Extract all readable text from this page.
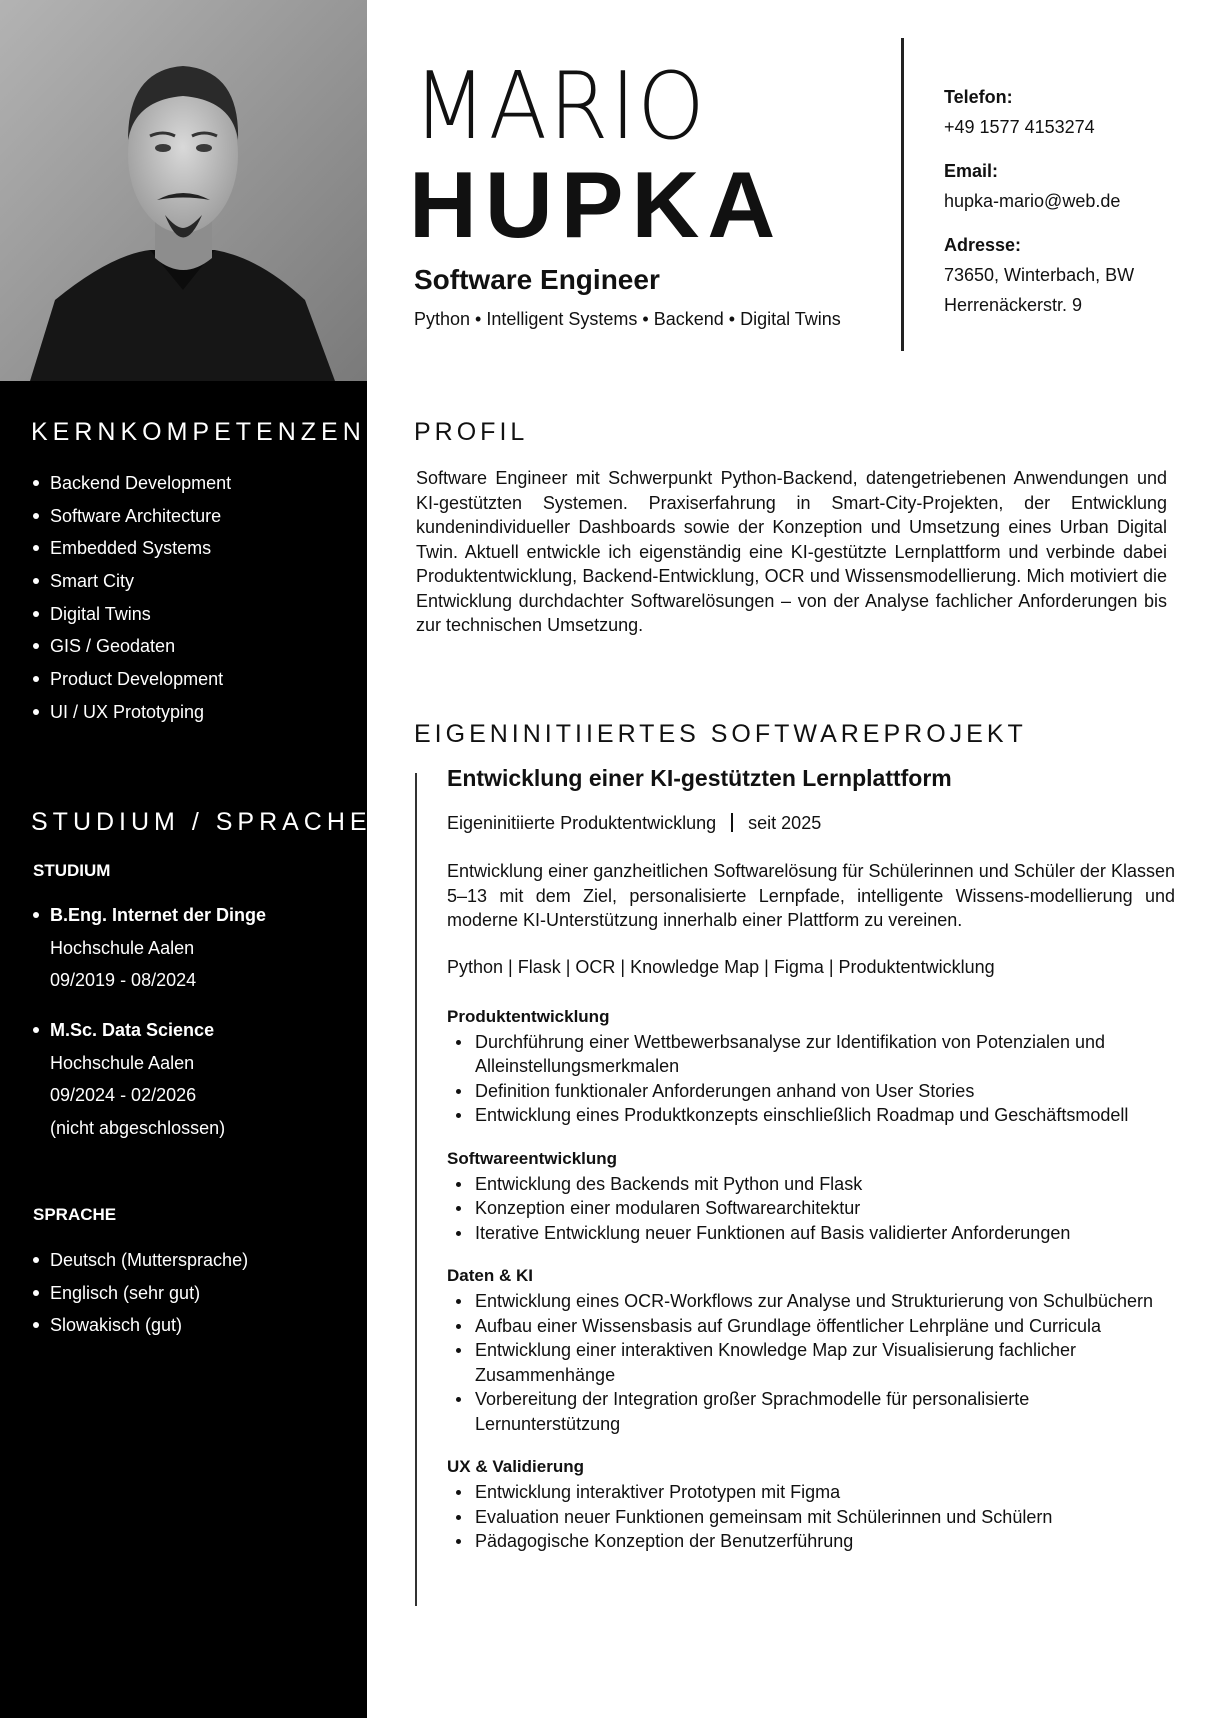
KERNKOMPETENZEN
Backend Development
Software Architecture
Embedded Systems
Smart City
Digital Twins
GIS / Geodaten
Product Development
UI / UX Prototyping
STUDIUM / SPRACHE
STUDIUM
B.Eng. Internet der Dinge
Hochschule Aalen
09/2019 - 08/2024
M.Sc. Data Science
Hochschule Aalen
09/2024 - 02/2026
(nicht abgeschlossen)
SPRACHE
Deutsch (Muttersprache)
Englisch (sehr gut)
Slowakisch (gut)
MARIO
HUPKA
Software Engineer
Python • Intelligent Systems • Backend • Digital Twins
Telefon:
+49 1577 4153274
Email:
hupka-mario@web.de
Adresse:
73650, Winterbach, BW
Herrenäckerstr. 9
PROFIL
Software Engineer mit Schwerpunkt Python-Backend, datengetriebenen Anwendungen und KI-gestützten Systemen. Praxiserfahrung in Smart-City-Projekten, der Entwicklung kundenindividueller Dashboards sowie der Konzeption und Umsetzung eines Urban Digital Twin. Aktuell entwickle ich eigenständig eine KI-gestützte Lernplattform und verbinde dabei Produktentwicklung, Backend-Entwicklung, OCR und Wissensmodellierung. Mich motiviert die Entwicklung durchdachter Softwarelösungen – von der Analyse fachlicher Anforderungen bis zur technischen Umsetzung.
EIGENINITIIERTES SOFTWAREPROJEKT
Entwicklung einer KI-gestützten Lernplattform
Eigeninitiierte Produktentwicklung seit 2025
Entwicklung einer ganzheitlichen Softwarelösung für Schülerinnen und Schüler der Klassen 5–13 mit dem Ziel, personalisierte Lernpfade, intelligente Wissens-modellierung und moderne KI-Unterstützung innerhalb einer Plattform zu vereinen.
Python | Flask | OCR | Knowledge Map | Figma | Produktentwicklung
Produktentwicklung
Durchführung einer Wettbewerbsanalyse zur Identifikation von Potenzialen und Alleinstellungsmerkmalen
Definition funktionaler Anforderungen anhand von User Stories
Entwicklung eines Produktkonzepts einschließlich Roadmap und Geschäftsmodell
Softwareentwicklung
Entwicklung des Backends mit Python und Flask
Konzeption einer modularen Softwarearchitektur
Iterative Entwicklung neuer Funktionen auf Basis validierter Anforderungen
Daten & KI
Entwicklung eines OCR-Workflows zur Analyse und Strukturierung von Schulbüchern
Aufbau einer Wissensbasis auf Grundlage öffentlicher Lehrpläne und Curricula
Entwicklung einer interaktiven Knowledge Map zur Visualisierung fachlicher Zusammenhänge
Vorbereitung der Integration großer Sprachmodelle für personalisierte Lernunterstützung
UX & Validierung
Entwicklung interaktiver Prototypen mit Figma
Evaluation neuer Funktionen gemeinsam mit Schülerinnen und Schülern
Pädagogische Konzeption der Benutzerführung
